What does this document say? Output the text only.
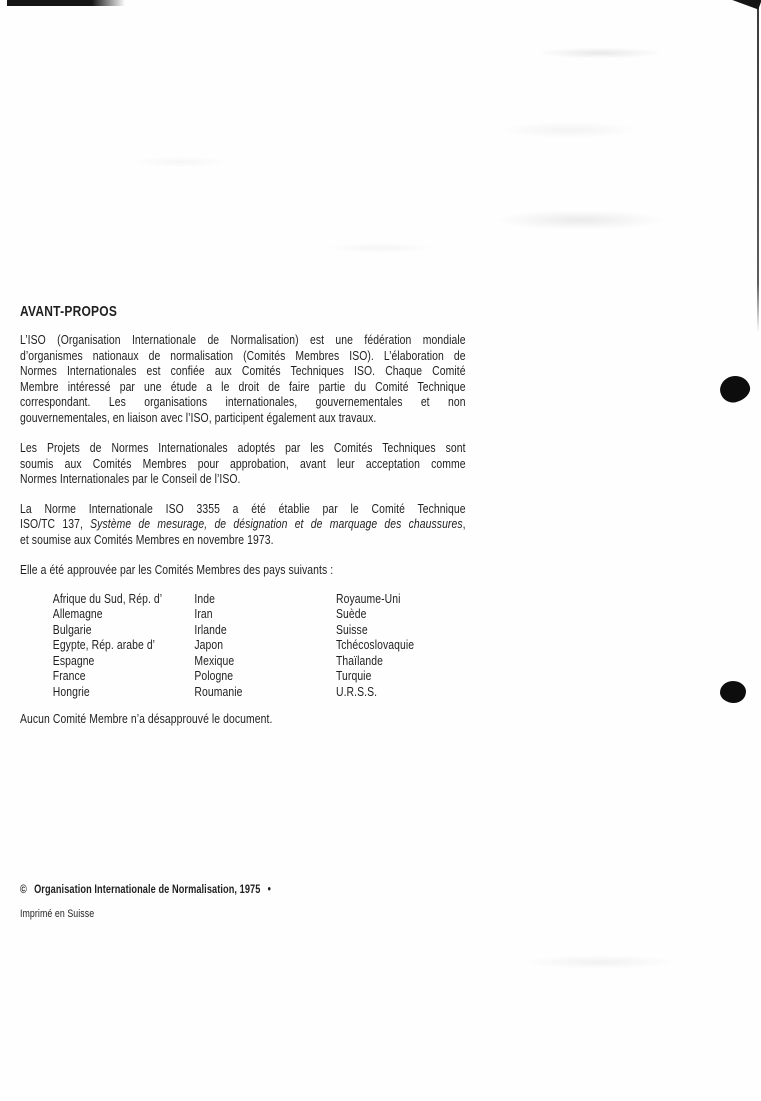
AVANT-PROPOS
L’ISO (Organisation Internationale de Normalisation) est une fédération mondiale
d’organismes nationaux de normalisation (Comités Membres ISO). L’élaboration de
Normes Internationales est confiée aux Comités Techniques ISO. Chaque Comité
Membre intéressé par une étude a le droit de faire partie du Comité Technique
correspondant. Les organisations internationales, gouvernementales et non
gouvernementales, en liaison avec l’ISO, participent également aux travaux.
Les Projets de Normes Internationales adoptés par les Comités Techniques sont
soumis aux Comités Membres pour approbation, avant leur acceptation comme
Normes Internationales par le Conseil de l’ISO.
La Norme Internationale ISO 3355 a été établie par le Comité Technique
ISO/TC 137, Système de mesurage, de désignation et de marquage des chaussures,
et soumise aux Comités Membres en novembre 1973.
Elle a été approuvée par les Comités Membres des pays suivants :
Afrique du Sud, Rép. d’
Allemagne
Bulgarie
Egypte, Rép. arabe d’
Espagne
France
Hongrie
Inde
Iran
Irlande
Japon
Mexique
Pologne
Roumanie
Royaume-Uni
Suède
Suisse
Tchécoslovaquie
Thaïlande
Turquie
U.R.S.S.
Aucun Comité Membre n’a désapprouvé le document.
© Organisation Internationale de Normalisation, 1975 •
Imprimé en Suisse
